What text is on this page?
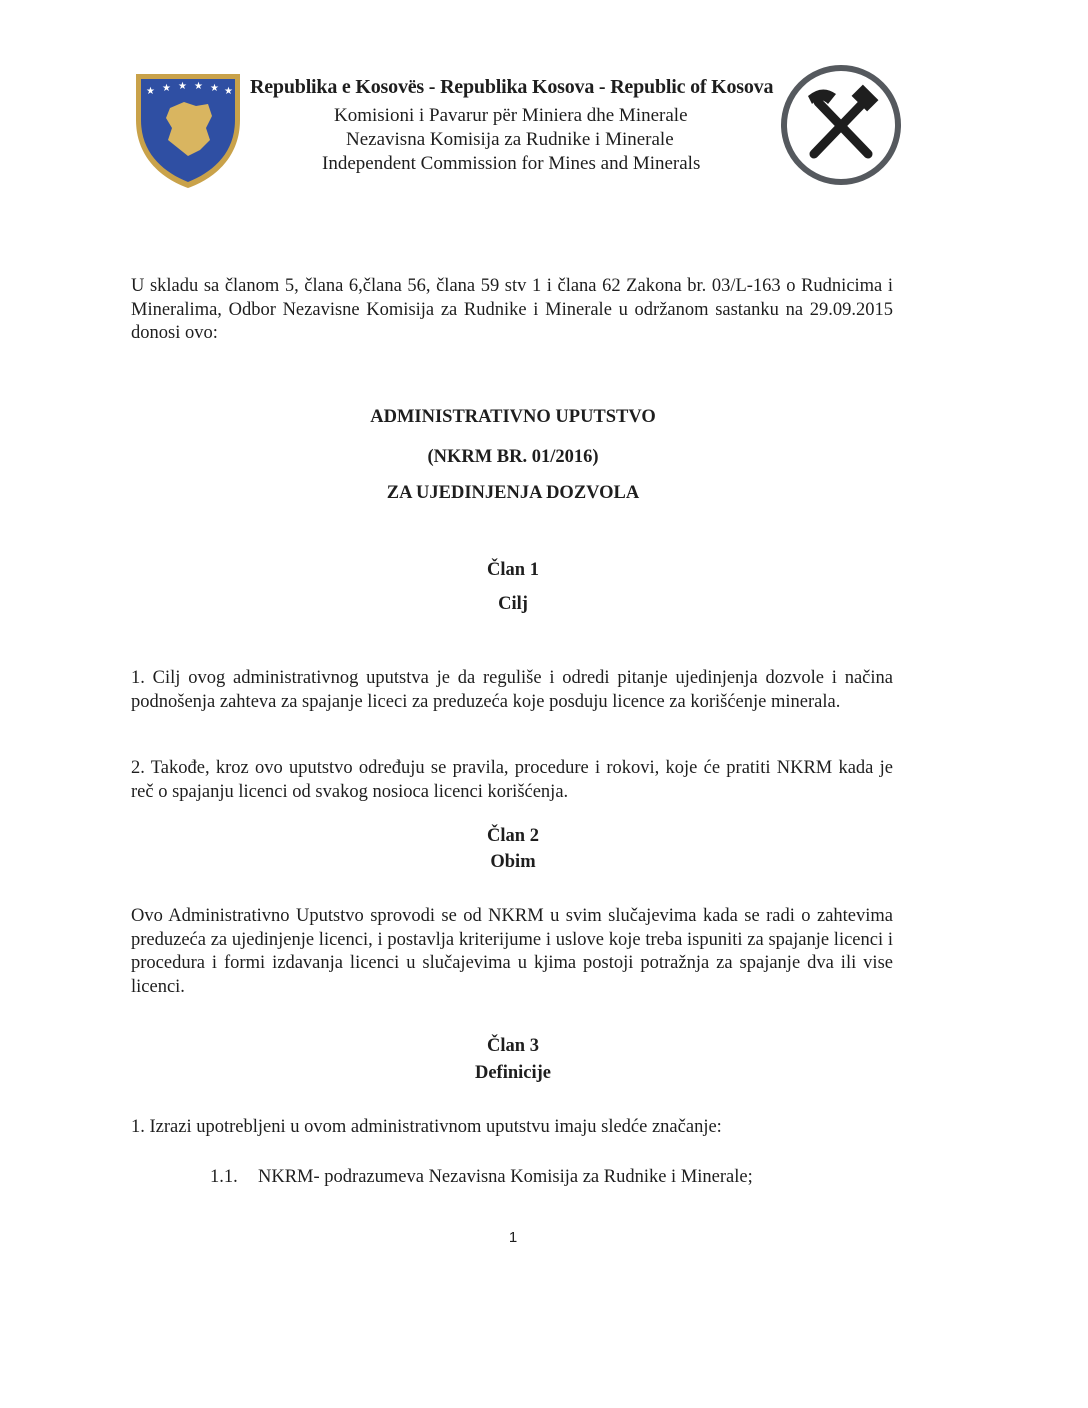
★ ★ ★ ★ ★ ★ Republika e Kosovës - Republika Kosova - Republic of Kosova
Komisioni i Pavarur për Miniera dhe Minerale
Nezavisna Komisija za Rudnike i Minerale
Independent Commission for Mines and Minerals

U skladu sa članom 5, člana 6,člana 56, člana 59 stv 1 i člana 62 Zakona br. 03/L-163 o Rudnicima i Mineralima, Odbor Nezavisne Komisija za Rudnike i Minerale u održanom sastanku na 29.09.2015 donosi ovo:

ADMINISTRATIVNO UPUTSTVO

(NKRM BR. 01/2016)

ZA UJEDINJENJA DOZVOLA

Član 1

Cilj

1. Cilj ovog administrativnog uputstva je da reguliše i odredi pitanje ujedinjenja dozvole i načina podnošenja zahteva za spajanje liceci za preduzeća koje posduju licence za korišćenje minerala.

2. Takođe, kroz ovo uputstvo određuju se pravila, procedure i rokovi, koje će pratiti NKRM kada je reč o spajanju licenci od svakog nosioca licenci korišćenja.

Član 2

Obim

Ovo Administrativno Uputstvo sprovodi se od NKRM u svim slučajevima kada se radi o zahtevima preduzeća za ujedinjenje licenci, i postavlja kriterijume i uslove koje treba ispuniti za spajanje licenci i procedura i formi izdavanja licenci u slučajevima u kjima postoji potražnja za spajanje dva ili vise licenci.

Član 3

Definicije

1. Izrazi upotrebljeni u ovom administrativnom uputstvu imaju sledće značanje:

1.1. NKRM- podrazumeva Nezavisna Komisija za Rudnike i Minerale;
1
